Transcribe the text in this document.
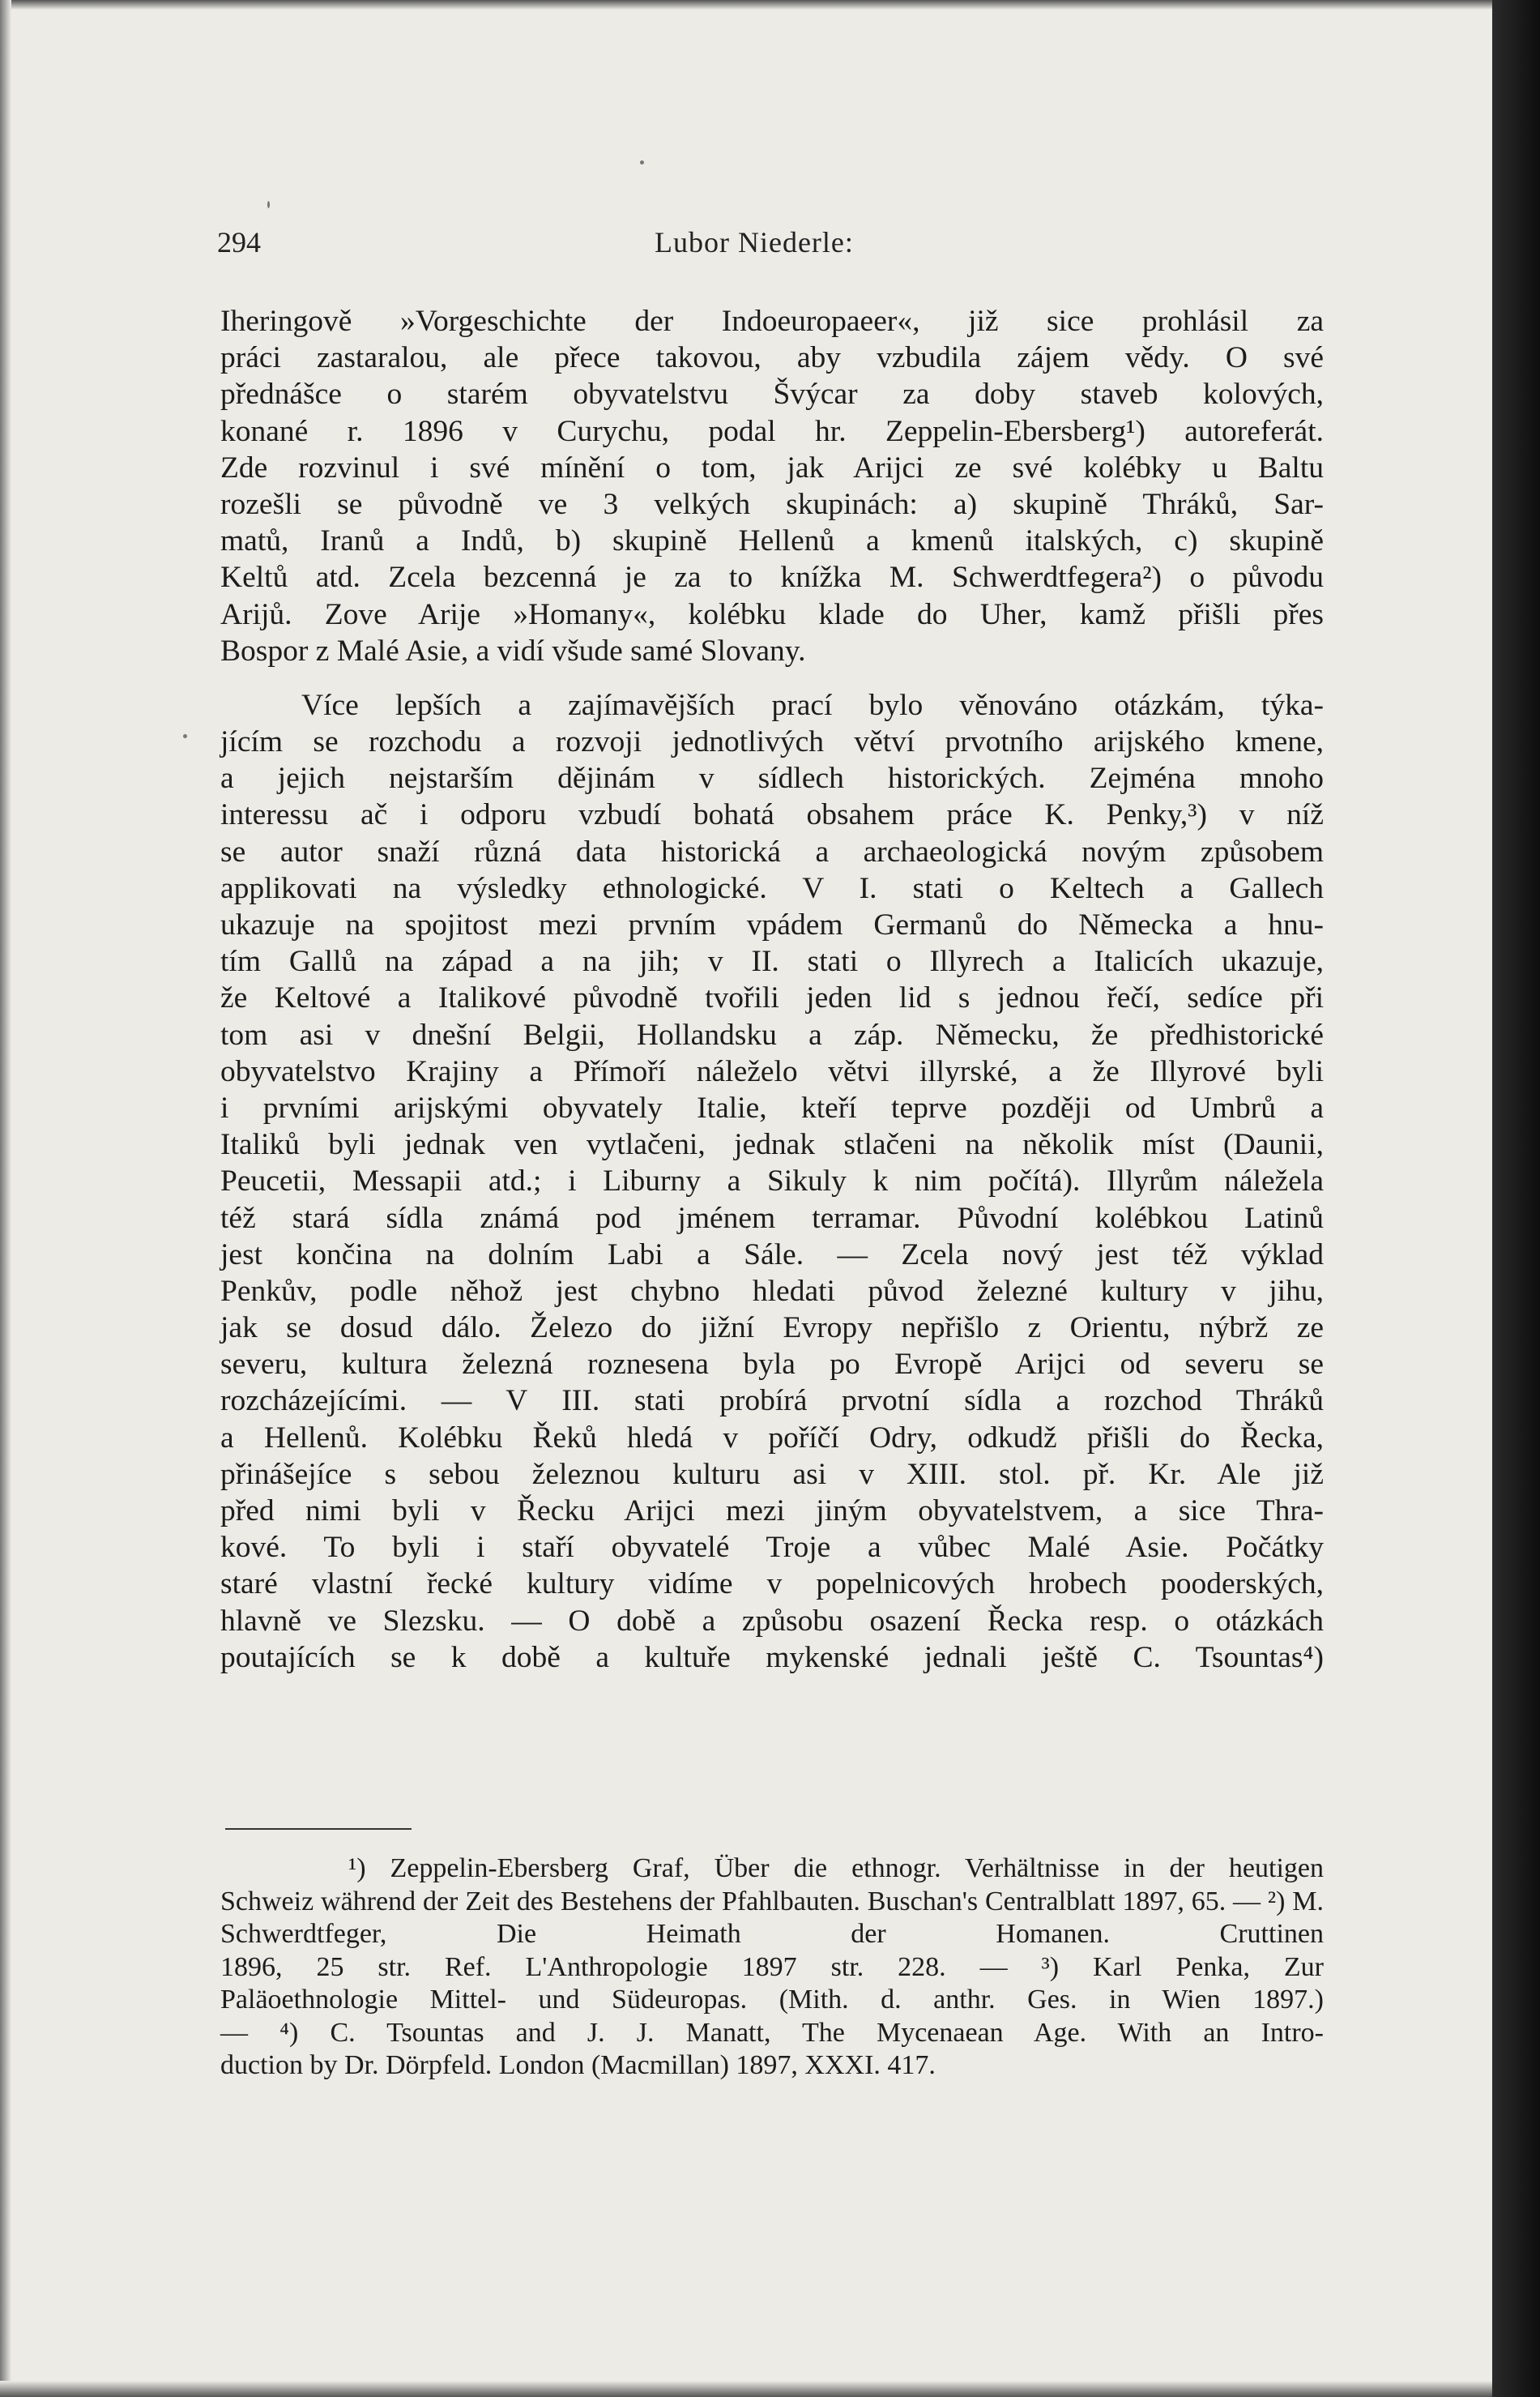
294	Lubor Niederle:
Iheringově »Vorgeschichte der Indoeuropaeer«, již sice prohlásil za
práci zastaralou, ale přece takovou, aby vzbudila zájem vědy. O své
přednášce o starém obyvatelstvu Švýcar za doby staveb kolových,
konané r. 1896 v Curychu, podal hr. Zeppelin-Ebersberg¹) autoreferát.
Zde rozvinul i své mínění o tom, jak Arijci ze své kolébky u Baltu
rozešli se původně ve 3 velkých skupinách: a) skupině Thráků, Sar-
matů, Iranů a Indů, b) skupině Hellenů a kmenů italských, c) skupině
Keltů atd. Zcela bezcenná je za to knížka M. Schwerdtfegera²) o původu
Arijů. Zove Arije »Homany«, kolébku klade do Uher, kamž přišli přes
Bospor z Malé Asie, a vidí všude samé Slovany.
Více lepších a zajímavějších prací bylo věnováno otázkám, týka-
jícím se rozchodu a rozvoji jednotlivých větví prvotního arijského kmene,
a jejich nejstarším dějinám v sídlech historických. Zejména mnoho
interessu ač i odporu vzbudí bohatá obsahem práce K. Penky,³) v níž
se autor snaží různá data historická a archaeologická novým způsobem
applikovati na výsledky ethnologické. V I. stati o Keltech a Gallech
ukazuje na spojitost mezi prvním vpádem Germanů do Německa a hnu-
tím Gallů na západ a na jih; v II. stati o Illyrech a Italicích ukazuje,
že Keltové a Italikové původně tvořili jeden lid s jednou řečí, sedíce při
tom asi v dnešní Belgii, Hollandsku a záp. Německu, že předhistorické
obyvatelstvo Krajiny a Přímoří náleželo větvi illyrské, a že Illyrové byli
i prvními arijskými obyvately Italie, kteří teprve později od Umbrů a
Italiků byli jednak ven vytlačeni, jednak stlačeni na několik míst (Daunii,
Peucetii, Messapii atd.; i Liburny a Sikuly k nim počítá). Illyrům náležela
též stará sídla známá pod jménem terramar. Původní kolébkou Latinů
jest končina na dolním Labi a Sále. — Zcela nový jest též výklad
Penkův, podle něhož jest chybno hledati původ železné kultury v jihu,
jak se dosud dálo. Železo do jižní Evropy nepřišlo z Orientu, nýbrž ze
severu, kultura železná roznesena byla po Evropě Arijci od severu se
rozcházejícími. — V III. stati probírá prvotní sídla a rozchod Thráků
a Hellenů. Kolébku Řeků hledá v poříčí Odry, odkudž přišli do Řecka,
přinášejíce s sebou železnou kulturu asi v XIII. stol. př. Kr. Ale již
před nimi byli v Řecku Arijci mezi jiným obyvatelstvem, a sice Thra-
kové. To byli i staří obyvatelé Troje a vůbec Malé Asie. Počátky
staré vlastní řecké kultury vidíme v popelnicových hrobech pooderských,
hlavně ve Slezsku. — O době a způsobu osazení Řecka resp. o otázkách
poutajících se k době a kultuře mykenské jednali ještě C. Tsountas⁴)
¹) Zeppelin-Ebersberg Graf, Über die ethnogr. Verhältnisse in der heutigen
Schweiz während der Zeit des Bestehens der Pfahlbauten. Buschan's Centralblatt 1897, 65. — ²) M. Schwerdtfeger, Die Heimath der Homanen. Cruttinen
1896, 25 str. Ref. L'Anthropologie 1897 str. 228. — ³) Karl Penka, Zur
Paläoethnologie Mittel- und Südeuropas. (Mith. d. anthr. Ges. in Wien 1897.)
— ⁴) C. Tsountas and J. J. Manatt, The Mycenaean Age. With an Intro-
duction by Dr. Dörpfeld. London (Macmillan) 1897, XXXI. 417.
